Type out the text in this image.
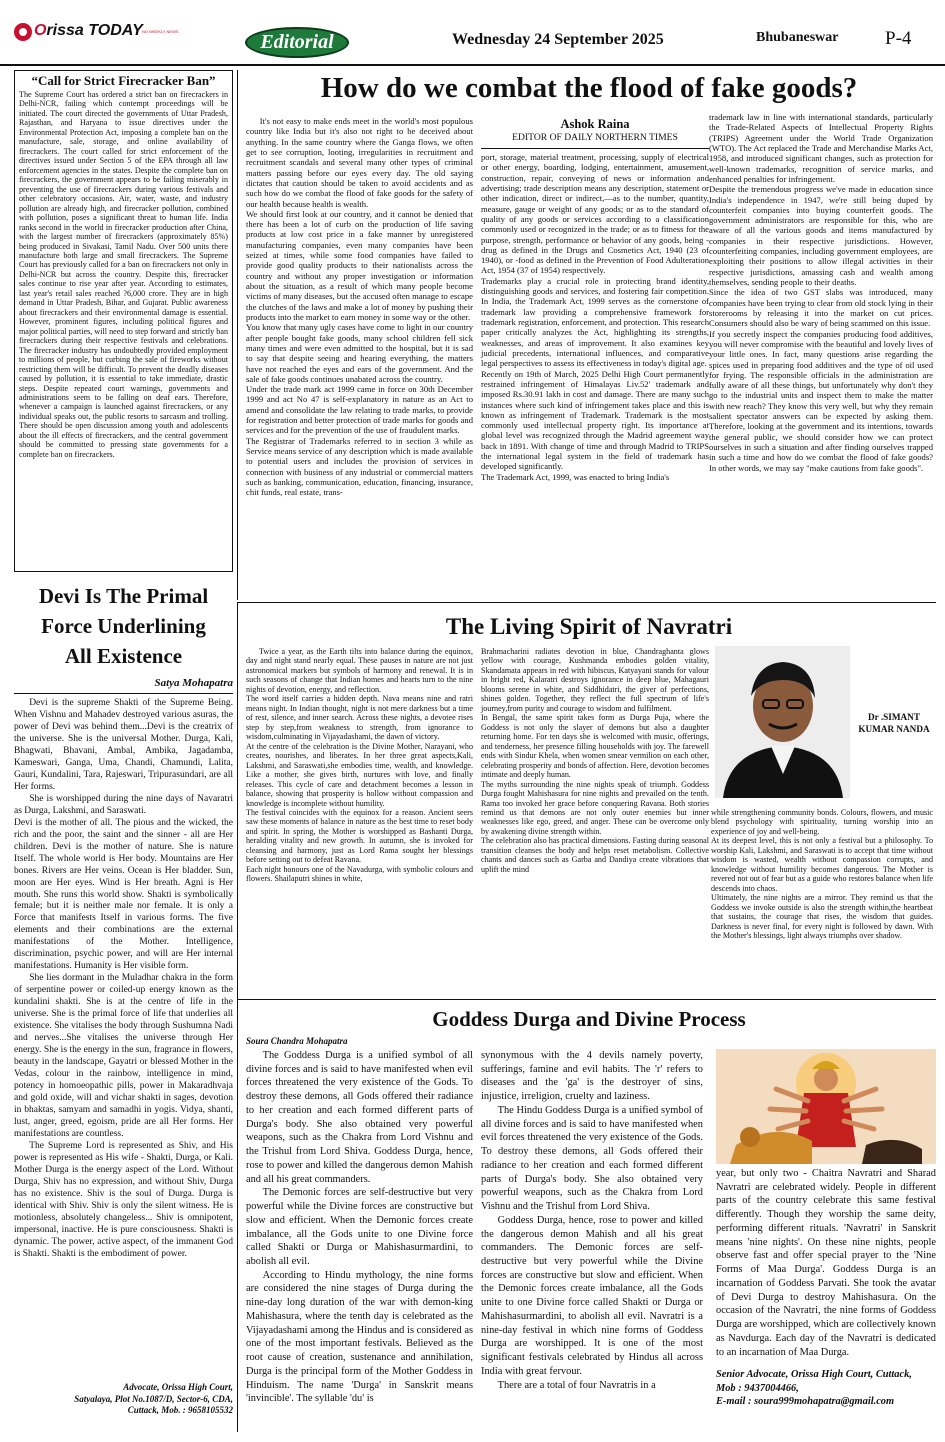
Orissa TODAY NO WEEKLY NEWS	Editorial	Wednesday 24 September 2025	Bhubaneswar P-4
“Call for Strict Firecracker Ban”
The Supreme Court has ordered a strict ban on firecrackers in Delhi-NCR, failing which contempt proceedings will be initiated. The court directed the governments of Uttar Pradesh, Rajasthan, and Haryana to issue directives under the Environmental Protection Act, imposing a complete ban on the manufacture, sale, storage, and online availability of firecrackers. The court called for strict enforcement of the directives issued under Section 5 of the EPA through all law enforcement agencies in the states. Despite the complete ban on firecrackers, the government appears to be failing miserably in preventing the use of firecrackers during various festivals and other celebratory occasions. Air, water, waste, and industry pollution are already high, and firecracker pollution, combined with pollution, poses a significant threat to human life. India ranks second in the world in firecracker production after China, with the largest number of firecrackers (approximately 85%) being produced in Sivakasi, Tamil Nadu. Over 500 units there manufacture both large and small firecrackers. The Supreme Court has previously called for a ban on firecrackers not only in Delhi-NCR but across the country. Despite this, firecracker sales continue to rise year after year. According to estimates, last year's retail sales reached ?6,000 crore. They are in high demand in Uttar Pradesh, Bihar, and Gujarat. Public awareness about firecrackers and their environmental damage is essential. However, prominent figures, including political figures and major political parties, will need to step forward and strictly ban firecrackers during their respective festivals and celebrations. The firecracker industry has undoubtedly provided employment to millions of people, but curbing the sale of fireworks without restricting them will be difficult. To prevent the deadly diseases caused by pollution, it is essential to take immediate, drastic steps. Despite repeated court warnings, governments and administrations seem to be falling on deaf ears. Therefore, whenever a campaign is launched against firecrackers, or any individual speaks out, the public resorts to sarcasm and trolling. There should be open discussion among youth and adolescents about the ill effects of firecrackers, and the central government should be committed to pressing state governments for a complete ban on firecrackers.
How do we combat the flood of fake goods?

It's not easy to make ends meet in the world's most populous country like India but it's also not right to be deceived about anything. In the same country where the Ganga flows, we often get to see corruption, looting, irregularities in recruitment and recruitment scandals and several many other types of criminal matters passing before our eyes every day. The old saying dictates that caution should be taken to avoid accidents and as such how do we combat the flood of fake goods for the safety of our health because health is wealth.

We should first look at our country, and it cannot be denied that there has been a lot of curb on the production of life saving products at low cost price in a fake manner by unregistered manufacturing companies, even many companies have been seized at times, while some food companies have failed to provide good quality products to their nationalists across the country and without any proper investigation or information about the situation, as a result of which many people become victims of many diseases, but the accused often manage to escape the clutches of the laws and make a lot of money by pushing their products into the market to earn money in some way or the other.

You know that many ugly cases have come to light in our country after people bought fake goods, many school children fell sick many times and were even admitted to the hospital, but it is sad to say that despite seeing and hearing everything, the matters have not reached the eyes and ears of the government. And the sale of fake goods continues unabated across the country.

Under the trade mark act 1999 came in force on 30th December 1999 and act No 47 is self-explanatory in nature as an Act to amend and consolidate the law relating to trade marks, to provide for registration and better protection of trade marks for goods and services and for the prevention of the use of fraudulent marks.

The Registrar of Trademarks referred to in section 3 while as Service means service of any description which is made available to potential users and includes the provision of services in connection with business of any industrial or commercial matters such as banking, communication, education, financing, insurance, chit funds, real estate, trans-

Ashok Raina
EDITOR OF DAILY NORTHERN TIMES

port, storage, material treatment, processing, supply of electrical or other energy, boarding, lodging, entertainment, amusement, construction, repair, conveying of news or information and advertising; trade description means any description, statement or other indication, direct or indirect,—as to the number, quantity, measure, gauge or weight of any goods; or as to the standard of quality of any goods or services according to a classification commonly used or recognized in the trade; or as to fitness for the purpose, strength, performance or behavior of any goods, being -drug as defined in the Drugs and Cosmetics Act, 1940 (23 of 1940), or -food as defined in the Prevention of Food Adulteration Act, 1954 (37 of 1954) respectively.

Trademarks play a crucial role in protecting brand identity, distinguishing goods and services, and fostering fair competition. In India, the Trademark Act, 1999 serves as the cornerstone of trademark law providing a comprehensive framework for trademark registration, enforcement, and protection. This research paper critically analyzes the Act, highlighting its strengths, weaknesses, and areas of improvement. It also examines key judicial precedents, international influences, and comparative legal perspectives to assess its effectiveness in today's digital age.

Recently on 19th of March, 2025 Delhi High Court permanently restrained infringement of Himalayas Liv.52' trademark and imposed Rs.30.91 lakh in cost and damage. There are many such instances where such kind of infringement takes place and this is known as infringement of Trademark. Trademark is the most commonly used intellectual property right. Its importance at global level was recognized through the Madrid agreement way back in 1891. With change of time and through Madrid to TRIPS the international legal system in the field of trademark has developed significantly.

The Trademark Act, 1999, was enacted to bring India's

trademark law in line with international standards, particularly the Trade-Related Aspects of Intellectual Property Rights (TRIPS) Agreement under the World Trade Organization (WTO). The Act replaced the Trade and Merchandise Marks Act, 1958, and introduced significant changes, such as protection for well-known trademarks, recognition of service marks, and enhanced penalties for infringement.

Despite the tremendous progress we've made in education since India's independence in 1947, we're still being duped by counterfeit companies into buying counterfeit goods. The government administrators are responsible for this, who are aware of all the various goods and items manufactured by companies in their respective jurisdictions. However, counterfeiting companies, including government employees, are exploiting their positions to allow illegal activities in their respective jurisdictions, amassing cash and wealth among themselves, sending people to their deaths.

Since the idea of two GST slabs was introduced, many companies have been trying to clear from old stock lying in their storerooms by releasing it into the market on cut prices. Consumers should also be wary of being scammed on this issue.

If you secretly inspect the companies producing food additives, you will never compromise with the beautiful and lovely lives of your little ones. In fact, many questions arise regarding the spices used in preparing food additives and the type of oil used for frying. The responsible officials in the administration are fully aware of all these things, but unfortunately why don't they go to the industrial units and inspect them to make the matter with new reach? They know this very well, but why they remain salient spectator answers can be expected by asking them. Therefore, looking at the government and its intentions, towards the general public, we should consider how we can protect ourselves in such a situation and after finding ourselves trapped in such a time and how do we combat the flood of fake goods? In other words, we may say "make cautions from fake goods".

Devi Is The Primal
Force Underlining
All Existence
Satya Mohapatra

Devi is the supreme Shakti of the Supreme Being. When Vishnu and Mahadev destroyed various asuras, the power of Devi was behind them...Devi is the creatrix of the universe. She is the universal Mother. Durga, Kali, Bhagwati, Bhavani, Ambal, Ambika, Jagadamba, Kameswari, Ganga, Uma, Chandi, Chamundi, Lalita, Gauri, Kundalini, Tara, Rajeswari, Tripurasundari, are all Her forms.

She is worshipped during the nine days of Navaratri as Durga, Lakshmi, and Saraswati.

Devi is the mother of all. The pious and the wicked, the rich and the poor, the saint and the sinner - all are Her children. Devi is the mother of nature. She is nature Itself. The whole world is Her body. Mountains are Her bones. Rivers are Her veins. Ocean is Her bladder. Sun, moon are Her eyes. Wind is Her breath. Agni is Her mouth. She runs this world show. Shakti is symbolically female; but it is neither male nor female. It is only a Force that manifests Itself in various forms. The five elements and their combinations are the external manifestations of the Mother. Intelligence, discrimination, psychic power, and will are Her internal manifestations. Humanity is Her visible form.

She lies dormant in the Muladhar chakra in the form of serpentine power or coiled-up energy known as the kundalini shakti. She is at the centre of life in the universe. She is the primal force of life that underlies all existence. She vitalises the body through Sushumna Nadi and nerves...She vitalises the universe through Her energy. She is the energy in the sun, fragrance in flowers, beauty in the landscape, Gayatri or blessed Mother in the Vedas, colour in the rainbow, intelligence in mind, potency in homoeopathic pills, power in Makaradhvaja and gold oxide, will and vichar shakti in sages, devotion in bhaktas, samyam and samadhi in yogis. Vidya, shanti, lust, anger, greed, egoism, pride are all Her forms. Her manifestations are countless.

The Supreme Lord is represented as Shiv, and His power is represented as His wife - Shakti, Durga, or Kali. Mother Durga is the energy aspect of the Lord. Without Durga, Shiv has no expression, and without Shiv, Durga has no existence. Shiv is the soul of Durga. Durga is identical with Shiv. Shiv is only the silent witness. He is motionless, absolutely changeless... Shiv is omnipotent, impersonal, inactive. He is pure consciousness. Shakti is dynamic. The power, active aspect, of the immanent God is Shakti. Shakti is the embodiment of power.

Advocate, Orissa High Court,
Satyalaya, Plot No.1087/D, Sector-6, CDA,
Cuttack, Mob. : 9658105532
The Living Spirit of Navratri

Twice a year, as the Earth tilts into balance during the equinox, day and night stand nearly equal. These pauses in nature are not just astronomical markers but symbols of harmony and renewal. It is in such seasons of change that Indian homes and hearts turn to the nine nights of devotion, energy, and reflection.

The word itself carries a hidden depth. Nava means nine and ratri means night. In Indian thought, night is not mere darkness but a time of rest, silence, and inner search. Across these nights, a devotee rises step by step,from weakness to strength, from ignorance to wisdom,culminating in Vijayadashami, the dawn of victory.

At the centre of the celebration is the Divine Mother, Narayani, who creates, nourishes, and liberates. In her three great aspects,Kali, Lakshmi, and Saraswati,she embodies time, wealth, and knowledge. Like a mother, she gives birth, nurtures with love, and finally releases. This cycle of care and detachment becomes a lesson in balance, showing that prosperity is hollow without compassion and knowledge is incomplete without humility.

The festival coincides with the equinox for a reason. Ancient seers saw these moments of balance in nature as the best time to reset body and spirit. In spring, the Mother is worshipped as Bashanti Durga, heralding vitality and new growth. In autumn, she is invoked for cleansing and harmony, just as Lord Rama sought her blessings before setting out to defeat Ravana.

Each night honours one of the Navadurga, with symbolic colours and flowers. Shailaputri shines in white,

Brahmacharini radiates devotion in blue, Chandraghanta glows yellow with courage, Kushmanda embodies golden vitality, Skandamata appears in red with hibiscus, Katyayani stands for valour in bright red, Kalaratri destroys ignorance in deep blue, Mahagauri blooms serene in white, and Siddhidatri, the giver of perfections, shines golden. Together, they reflect the full spectrum of life's journey,from purity and courage to wisdom and fulfilment.

In Bengal, the same spirit takes form as Durga Puja, where the Goddess is not only the slayer of demons but also a daughter returning home. For ten days she is welcomed with music, offerings, and tenderness, her presence filling households with joy. The farewell ends with Sindur Khela, when women smear vermilion on each other, celebrating prosperity and bonds of affection. Here, devotion becomes intimate and deeply human.

The myths surrounding the nine nights speak of triumph. Goddess Durga fought Mahishasura for nine nights and prevailed on the tenth. Rama too invoked her grace before conquering Ravana. Both stories remind us that demons are not only outer enemies but inner weaknesses like ego, greed, and anger. These can be overcome only by awakening divine strength within.

The celebration also has practical dimensions. Fasting during seasonal transition cleanses the body and helps reset metabolism. Collective chants and dances such as Garba and Dandiya create vibrations that uplift the mind

Dr .SIMANT
KUMAR NANDA

while strengthening community bonds. Colours, flowers, and music blend psychology with spirituality, turning worship into an experience of joy and well-being.

At its deepest level, this is not only a festival but a philosophy. To worship Kali, Lakshmi, and Saraswati is to accept that time without wisdom is wasted, wealth without compassion corrupts, and knowledge without humility becomes dangerous. The Mother is revered not out of fear but as a guide who restores balance when life descends into chaos.

Ultimately, the nine nights are a mirror. They remind us that the Goddess we invoke outside is also the strength within,the heartbeat that sustains, the courage that rises, the wisdom that guides. Darkness is never final, for every night is followed by dawn. With the Mother's blessings, light always triumphs over shadow.

Goddess Durga and Divine Process
Soura Chandra Mohapatra

The Goddess Durga is a unified symbol of all divine forces and is said to have manifested when evil forces threatened the very existence of the Gods. To destroy these demons, all Gods offered their radiance to her creation and each formed different parts of Durga's body. She also obtained very powerful weapons, such as the Chakra from Lord Vishnu and the Trishul from Lord Shiva. Goddess Durga, hence, rose to power and killed the dangerous demon Mahish and all his great commanders.

The Demonic forces are self-destructive but very powerful while the Divine forces are constructive but slow and efficient. When the Demonic forces create imbalance, all the Gods unite to one Divine force called Shakti or Durga or Mahishasurmardini, to abolish all evil.

According to Hindu mythology, the nine forms are considered the nine stages of Durga during the nine-day long duration of the war with demon-king Mahishasura, where the tenth day is celebrated as the Vijayadashami among the Hindus and is considered as one of the most important festivals. Believed as the root cause of creation, sustenance and annihilation, Durga is the principal form of the Mother Goddess in Hinduism. The name 'Durga' in Sanskrit means 'invincible'. The syllable 'du' is

synonymous with the 4 devils namely poverty, sufferings, famine and evil habits. The 'r' refers to diseases and the 'ga' is the destroyer of sins, injustice, irreligion, cruelty and laziness.

The Hindu Goddess Durga is a unified symbol of all divine forces and is said to have manifested when evil forces threatened the very existence of the Gods. To destroy these demons, all Gods offered their radiance to her creation and each formed different parts of Durga's body. She also obtained very powerful weapons, such as the Chakra from Lord Vishnu and the Trishul from Lord Shiva.

Goddess Durga, hence, rose to power and killed the dangerous demon Mahish and all his great commanders. The Demonic forces are self-destructive but very powerful while the Divine forces are constructive but slow and efficient. When the Demonic forces create imbalance, all the Gods unite to one Divine force called Shakti or Durga or Mahishasurmardini, to abolish all evil. Navratri is a nine-day festival in which nine forms of Goddess Durga are worshipped. It is one of the most significant festivals celebrated by Hindus all across India with great fervour.

There are a total of four Navratris in a

year, but only two - Chaitra Navratri and Sharad Navratri are celebrated widely. People in different parts of the country celebrate this same festival differently. Though they worship the same deity, performing different rituals. 'Navratri' in Sanskrit means 'nine nights'. On these nine nights, people observe fast and offer special prayer to the 'Nine Forms of Maa Durga'. Goddess Durga is an incarnation of Goddess Parvati. She took the avatar of Devi Durga to destroy Mahishasura. On the occasion of the Navratri, the nine forms of Goddess Durga are worshipped, which are collectively known as Navdurga. Each day of the Navratri is dedicated to an incarnation of Maa Durga.

Senior Advocate, Orissa High Court, Cuttack,
Mob : 9437004466,
E-mail : soura999mohapatra@gmail.com
